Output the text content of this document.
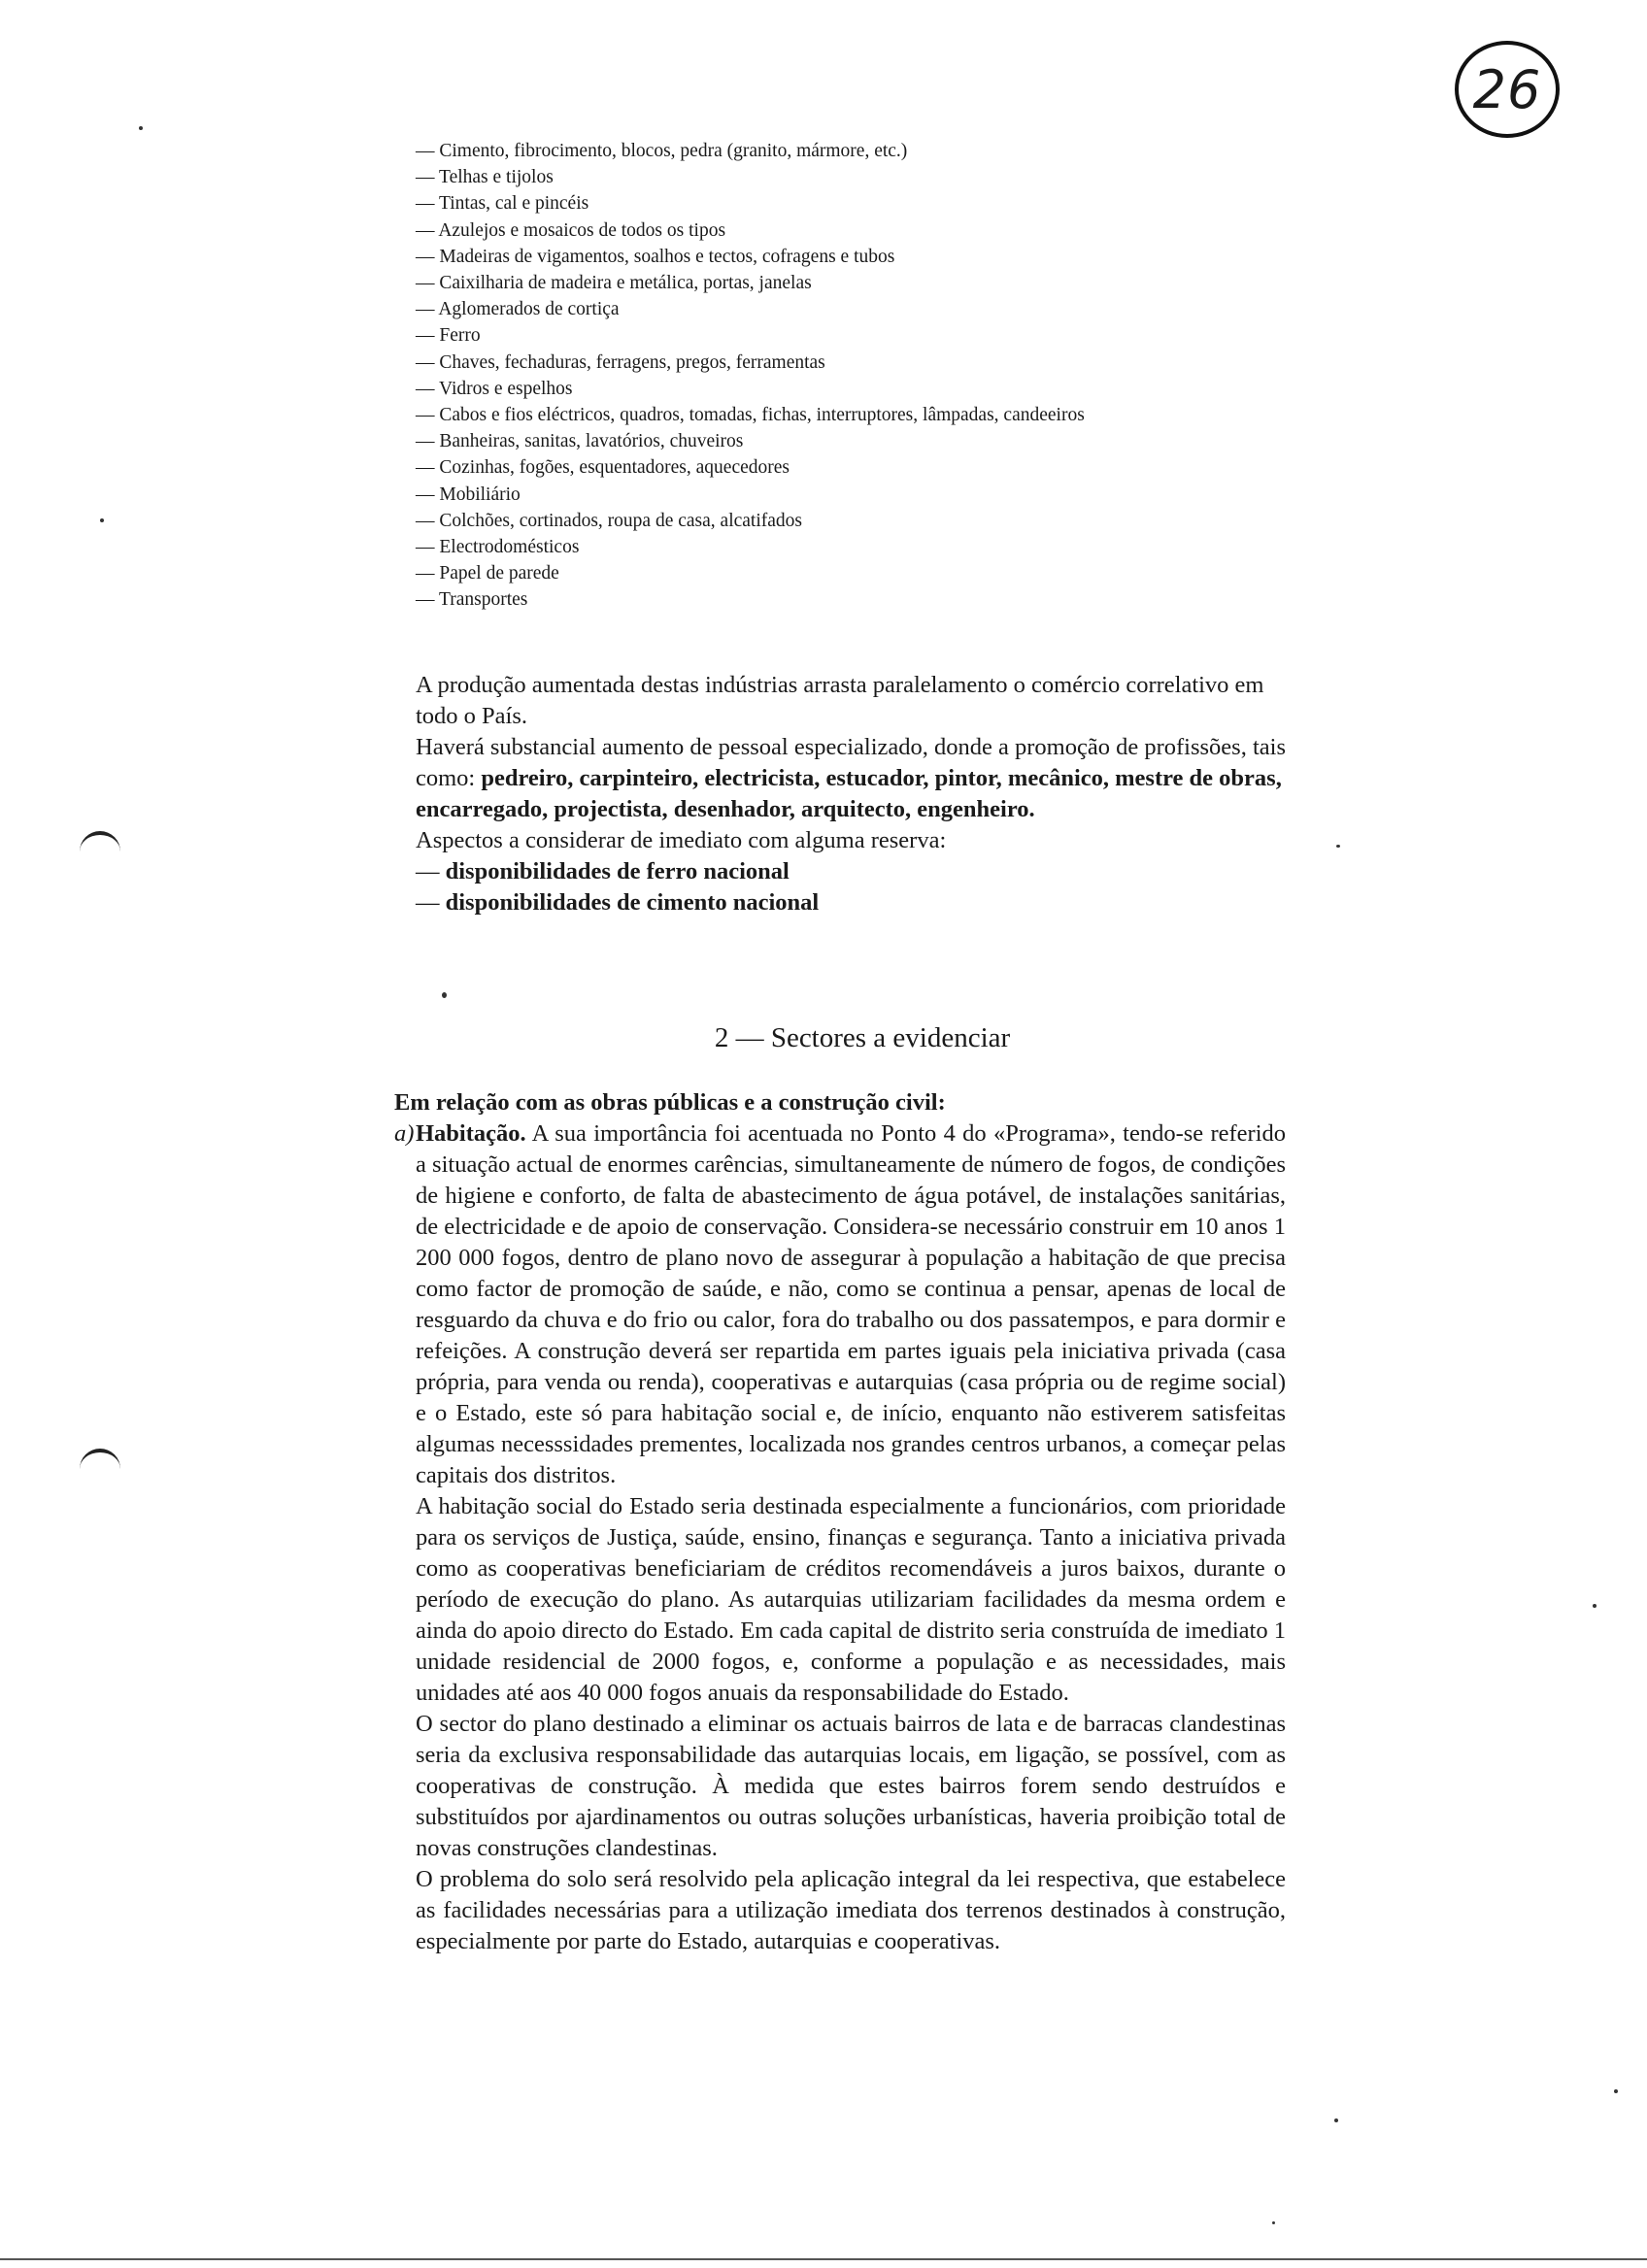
26
— Cimento, fibrocimento, blocos, pedra (granito, mármore, etc.)
— Telhas e tijolos
— Tintas, cal e pincéis
— Azulejos e mosaicos de todos os tipos
— Madeiras de vigamentos, soalhos e tectos, cofragens e tubos
— Caixilharia de madeira e metálica, portas, janelas
— Aglomerados de cortiça
— Ferro
— Chaves, fechaduras, ferragens, pregos, ferramentas
— Vidros e espelhos
— Cabos e fios eléctricos, quadros, tomadas, fichas, interruptores, lâmpadas, candeeiros
— Banheiras, sanitas, lavatórios, chuveiros
— Cozinhas, fogões, esquentadores, aquecedores
— Mobiliário
— Colchões, cortinados, roupa de casa, alcatifados
— Electrodomésticos
— Papel de parede
— Transportes

A produção aumentada destas indústrias arrasta paralelamento o comércio correlativo em todo o País.

Haverá substancial aumento de pessoal especializado, donde a promoção de profissões, tais como: pedreiro, carpinteiro, electricista, estucador, pintor, mecânico, mestre de obras, encarregado, projectista, desenhador, arquitecto, engenheiro.

Aspectos a considerar de imediato com alguma reserva:

— disponibilidades de ferro nacional
— disponibilidades de cimento nacional
2 — Sectores a evidenciar

Em relação com as obras públicas e a construção civil:

a) Habitação. A sua importância foi acentuada no Ponto 4 do «Programa», tendo-se referido a situação actual de enormes carências, simultaneamente de número de fogos, de condições de higiene e conforto, de falta de abastecimento de água potável, de instalações sanitárias, de electricidade e de apoio de conservação. Considera-se necessário construir em 10 anos 1 200 000 fogos, dentro de plano novo de assegurar à população a habitação de que precisa como factor de promoção de saúde, e não, como se continua a pensar, apenas de local de resguardo da chuva e do frio ou calor, fora do trabalho ou dos passatempos, e para dormir e refeições. A construção deverá ser repartida em partes iguais pela iniciativa privada (casa própria, para venda ou renda), cooperativas e autarquias (casa própria ou de regime social) e o Estado, este só para habitação social e, de início, enquanto não estiverem satisfeitas algumas necesssidades prementes, localizada nos grandes centros urbanos, a começar pelas capitais dos distritos.

A habitação social do Estado seria destinada especialmente a funcionários, com prioridade para os serviços de Justiça, saúde, ensino, finanças e segurança. Tanto a iniciativa privada como as cooperativas beneficiariam de créditos recomendáveis a juros baixos, durante o período de execução do plano. As autarquias utilizariam facilidades da mesma ordem e ainda do apoio directo do Estado. Em cada capital de distrito seria construída de imediato 1 unidade residencial de 2000 fogos, e, conforme a população e as necessidades, mais unidades até aos 40 000 fogos anuais da responsabilidade do Estado.

O sector do plano destinado a eliminar os actuais bairros de lata e de barracas clandestinas seria da exclusiva responsabilidade das autarquias locais, em ligação, se possível, com as cooperativas de construção. À medida que estes bairros forem sendo destruídos e substituídos por ajardinamentos ou outras soluções urbanísticas, haveria proibição total de novas construções clandestinas.

O problema do solo será resolvido pela aplicação integral da lei respectiva, que estabelece as facilidades necessárias para a utilização imediata dos terrenos destinados à construção, especialmente por parte do Estado, autarquias e cooperativas.
